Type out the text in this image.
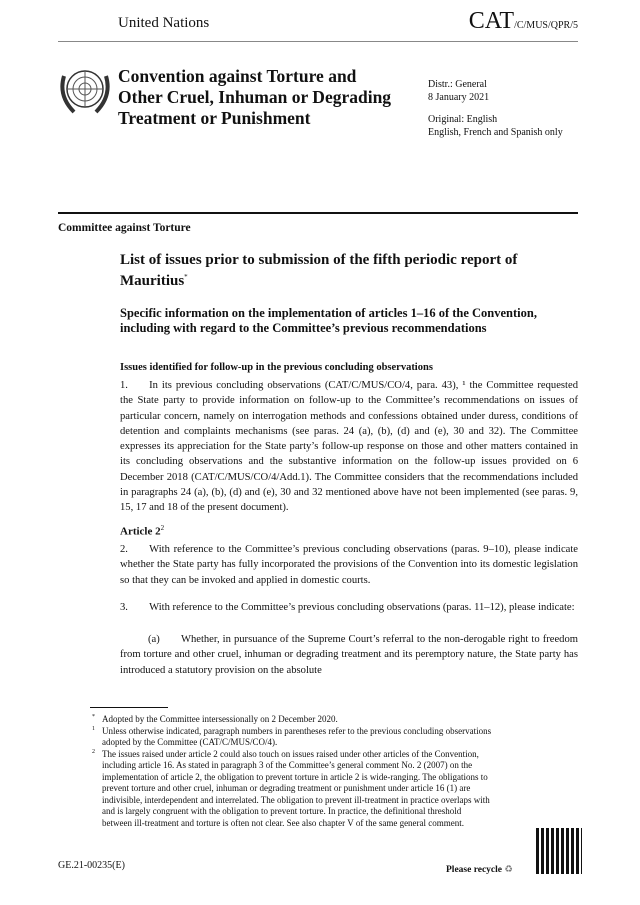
United Nations	CAT/C/MUS/QPR/5
Convention against Torture and Other Cruel, Inhuman or Degrading Treatment or Punishment
Distr.: General
8 January 2021
Original: English
English, French and Spanish only
Committee against Torture
List of issues prior to submission of the fifth periodic report of Mauritius*
Specific information on the implementation of articles 1–16 of the Convention, including with regard to the Committee’s previous recommendations
Issues identified for follow-up in the previous concluding observations
1.  In its previous concluding observations (CAT/C/MUS/CO/4, para. 43), ¹ the Committee requested the State party to provide information on follow-up to the Committee’s recommendations on issues of particular concern, namely on interrogation methods and confessions obtained under duress, conditions of detention and complaints mechanisms (see paras. 24 (a), (b), (d) and (e), 30 and 32). The Committee expresses its appreciation for the State party’s follow-up response on those and other matters contained in its concluding observations and the substantive information on the follow-up issues provided on 6 December 2018 (CAT/C/MUS/CO/4/Add.1). The Committee considers that the recommendations included in paragraphs 24 (a), (b), (d) and (e), 30 and 32 mentioned above have not been implemented (see paras. 9, 15, 17 and 18 of the present document).
Article $2^2$
2.  With reference to the Committee’s previous concluding observations (paras. 9–10), please indicate whether the State party has fully incorporated the provisions of the Convention into its domestic legislation so that they can be invoked and applied in domestic courts.
3.  With reference to the Committee’s previous concluding observations (paras. 11–12), please indicate:
(a)  Whether, in pursuance of the Supreme Court’s referral to the non-derogable right to freedom from torture and other cruel, inhuman or degrading treatment and its peremptory nature, the State party has introduced a statutory provision on the absolute
* Adopted by the Committee intersessionally on 2 December 2020.
1 Unless otherwise indicated, paragraph numbers in parentheses refer to the previous concluding observations adopted by the Committee (CAT/C/MUS/CO/4).
2 The issues raised under article 2 could also touch on issues raised under other articles of the Convention, including article 16. As stated in paragraph 3 of the Committee’s general comment No. 2 (2007) on the implementation of article 2, the obligation to prevent torture in article 2 is wide-ranging. The obligations to prevent torture and other cruel, inhuman or degrading treatment or punishment under article 16 (1) are indivisible, interdependent and interrelated. The obligation to prevent ill-treatment in practice overlaps with and is largely congruent with the obligation to prevent torture. In practice, the definitional threshold between ill-treatment and torture is often not clear. See also chapter V of the same general comment.
GE.21-00235(E)	Please recycle ♻
